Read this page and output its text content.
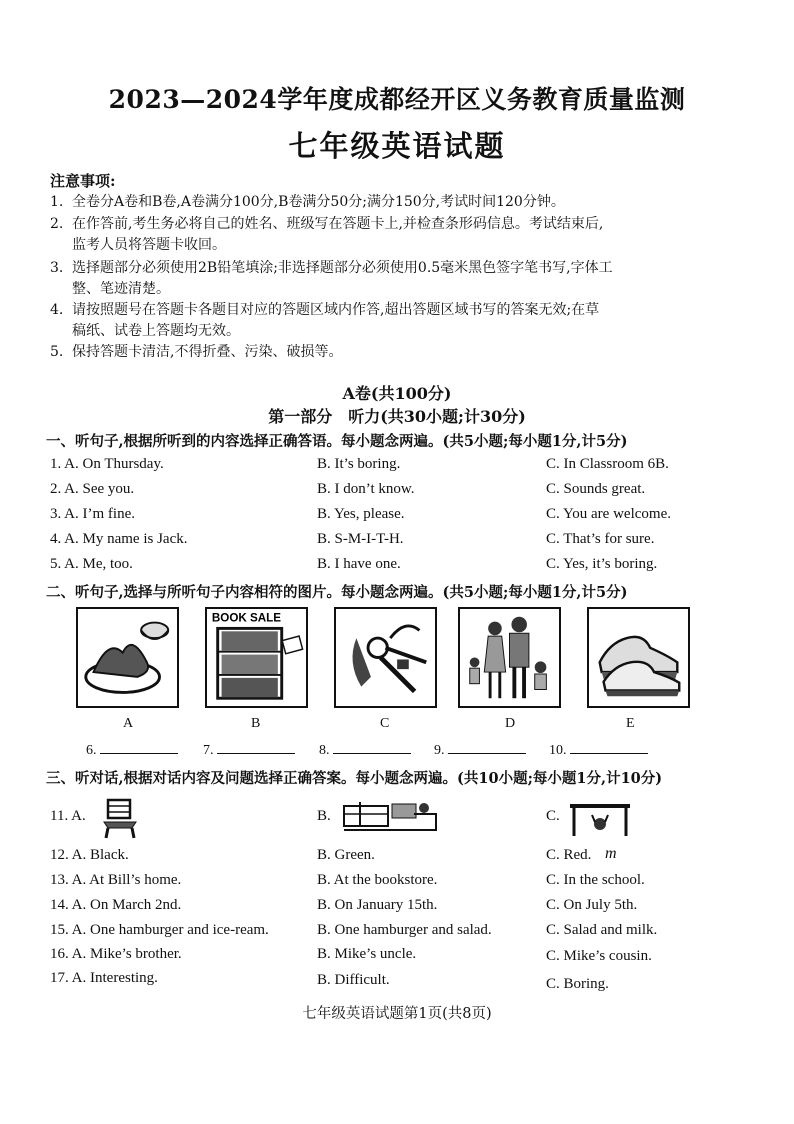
2023—2024学年度成都经开区义务教育质量监测
七年级英语试题
注意事项:
1. 全卷分A卷和B卷,A卷满分100分,B卷满分50分;满分150分,考试时间120分钟。
2. 在作答前,考生务必将自己的姓名、班级写在答题卡上,并检查条形码信息。考试结束后,
监考人员将答题卡收回。
3. 选择题部分必须使用2B铅笔填涂;非选择题部分必须使用0.5毫米黑色签字笔书写,字体工
整、笔迹清楚。
4. 请按照题号在答题卡各题目对应的答题区域内作答,超出答题区域书写的答案无效;在草
稿纸、试卷上答题均无效。
5. 保持答题卡清洁,不得折叠、污染、破损等。
A卷(共100分)
第一部分　听力(共30小题;计30分)
一、听句子,根据所听到的内容选择正确答语。每小题念两遍。(共5小题;每小题1分,计5分)
1. A. On Thursday.	B. It’s boring.	C. In Classroom 6B.
2. A. See you.	B. I don’t know.	C. Sounds great.
3. A. I’m fine.	B. Yes, please.	C. You are welcome.
4. A. My name is Jack.	B. S-M-I-T-H.	C. That’s for sure.
5. A. Me, too.	B. I have one.	C. Yes, it’s boring.
二、听句子,选择与所听句子内容相符的图片。每小题念两遍。(共5小题;每小题1分,计5分)
BOOK SALE
A	B	C	D	E
6.	7.	8.	9.	10.
三、听对话,根据对话内容及问题选择正确答案。每小题念两遍。(共10小题;每小题1分,计10分)
11. A.	B.	C.
12. A. Black.	B. Green.	C. Red. m
13. A. At Bill’s home.	B. At the bookstore.	C. In the school.
14. A. On March 2nd.	B. On January 15th.	C. On July 5th.
15. A. One hamburger and ice-ream.	B. One hamburger and salad.	C. Salad and milk.
16. A. Mike’s brother.	B. Mike’s uncle.	C. Mike’s cousin.
17. A. Interesting.	B. Difficult.	C. Boring.
七年级英语试题第1页(共8页)
